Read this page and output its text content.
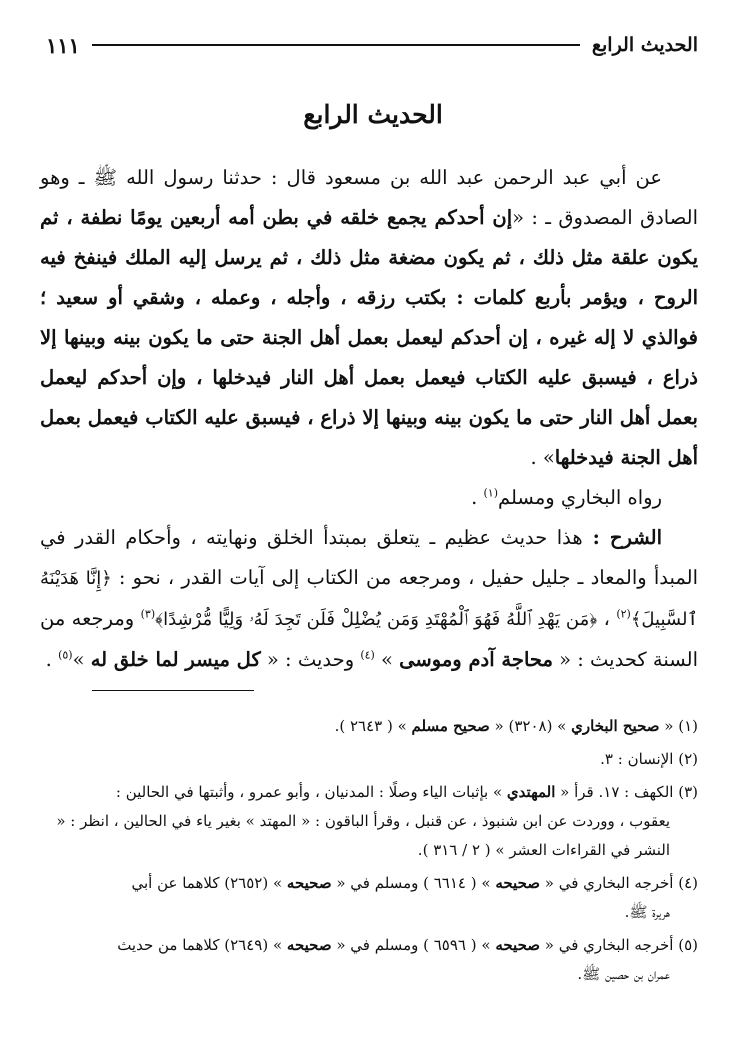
الحديث الرابع
١١١
الحديث الرابع

عن أبي عبد الرحمن عبد الله بن مسعود قال : حدثنا رسول الله ﷺ ـ وهو الصادق المصدوق ـ : «إن أحدكم يجمع خلقه في بطن أمه أربعين يومًا نطفة ، ثم يكون علقة مثل ذلك ، ثم يكون مضغة مثل ذلك ، ثم يرسل إليه الملك فينفخ فيه الروح ، ويؤمر بأربع كلمات : بكتب رزقه ، وأجله ، وعمله ، وشقي أو سعيد ؛ فوالذي لا إله غيره ، إن أحدكم ليعمل بعمل أهل الجنة حتى ما يكون بينه وبينها إلا ذراع ، فيسبق عليه الكتاب فيعمل بعمل أهل النار فيدخلها ، وإن أحدكم ليعمل بعمل أهل النار حتى ما يكون بينه وبينها إلا ذراع ، فيسبق عليه الكتاب فيعمل بعمل أهل الجنة فيدخلها» .

رواه البخاري ومسلم$^{(١)}$ .

الشرح : هذا حديث عظيم ـ يتعلق بمبتدأ الخلق ونهايته ، وأحكام القدر في المبدأ والمعاد ـ جليل حفيل ، ومرجعه من الكتاب إلى آيات القدر ، نحو : ﴿إِنَّا هَدَيْنَهُ ٱلسَّبِيلَ﴾$^{(٢)}$ ، ﴿مَن يَهْدِ ٱللَّهُ فَهُوَ ٱلْمُهْتَدِ وَمَن يُضْلِلْ فَلَن تَجِدَ لَهُۥ وَلِيًّا مُّرْشِدًا﴾$^{(٣)}$ ومرجعه من السنة كحديث : « محاجة آدم وموسى » $^{(٤)}$ وحديث : « كل ميسر لما خلق له »$^{(٥)}$ .

(١) « صحيح البخاري » (٣٢٠٨) « صحيح مسلم » ( ٢٦٤٣ ).
(٢) الإنسان : ٣.
(٣) الكهف : ١٧. قرأ « المهتدي » بإثبات الياء وصلًا : المدنيان ، وأبو عمرو ، وأثبتها في الحالين :
يعقوب ، ووردت عن ابن شنبوذ ، عن قنبل ، وقرأ الباقون : « المهتد » بغير ياء في الحالين ، انظر : « النشر في القراءات العشر » ( ٢ / ٣١٦ ).
(٤) أخرجه البخاري في « صحيحه » ( ٦٦١٤ ) ومسلم في « صحيحه » (٢٦٥٢) كلاهما عن أبي
هريرة ﷺ.
(٥) أخرجه البخاري في « صحيحه » ( ٦٥٩٦ ) ومسلم في « صحيحه » (٢٦٤٩) كلاهما من حديث
عمران بن حصين ﷺ.
